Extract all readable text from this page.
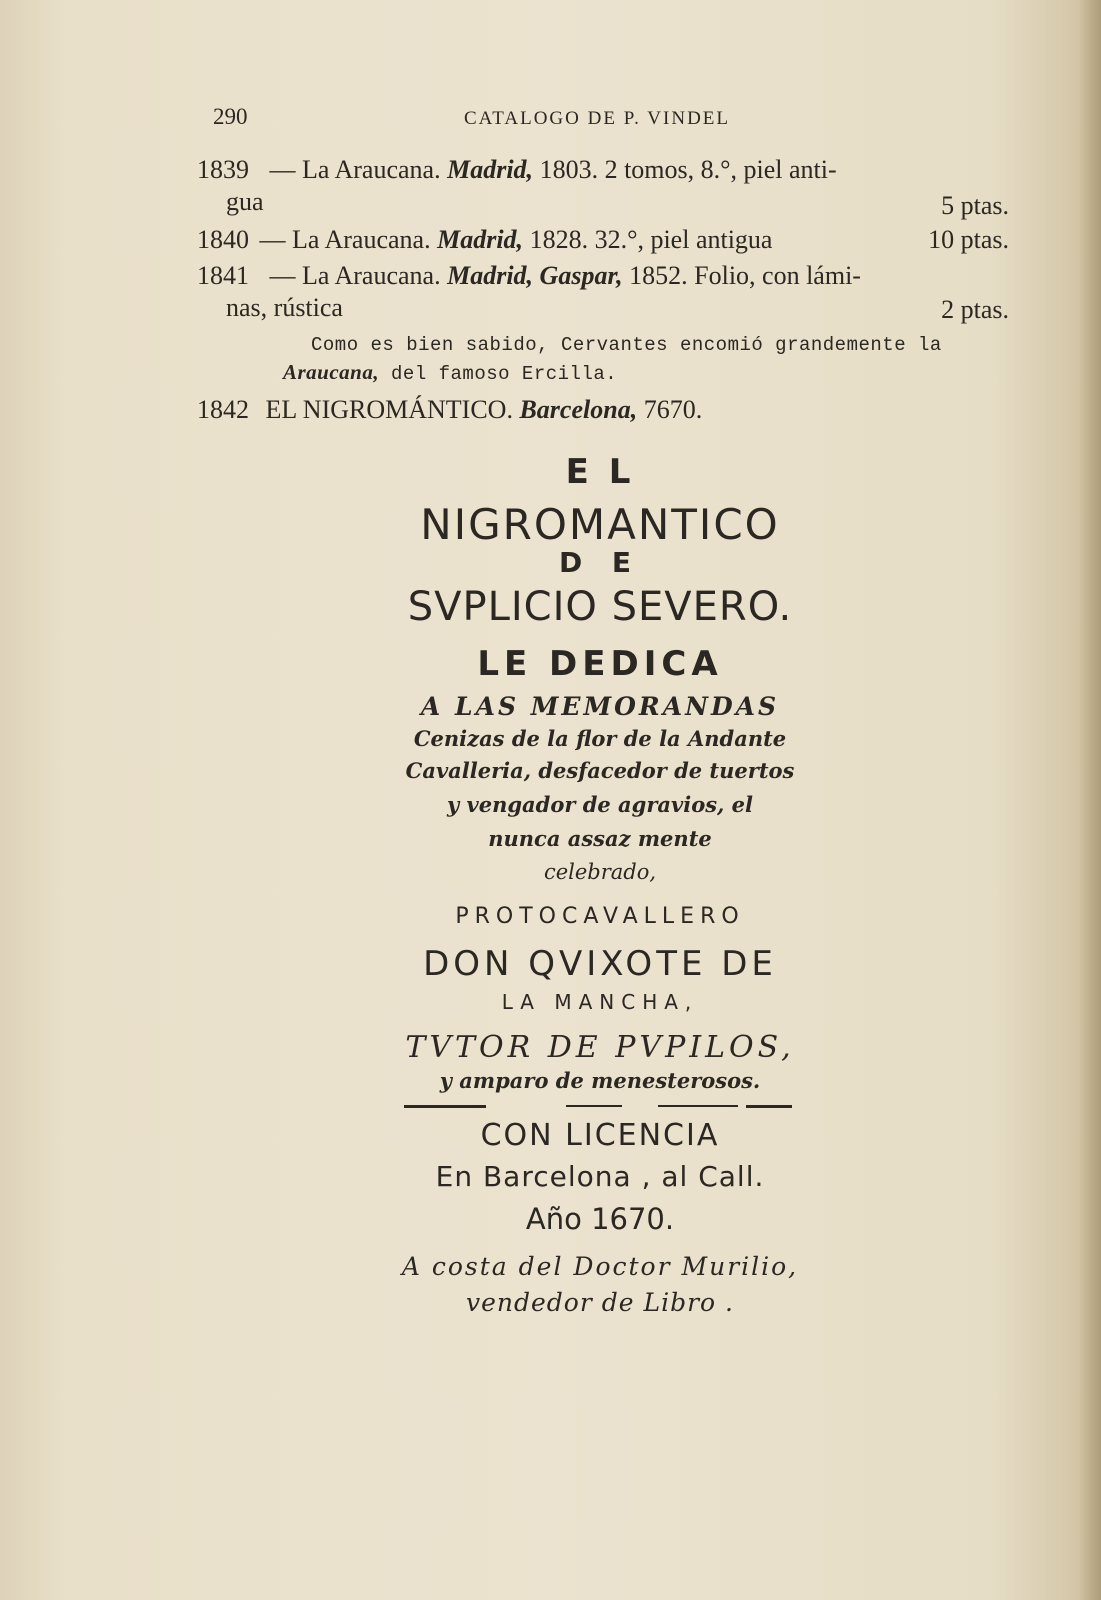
290	CATALOGO DE P. VINDEL
1839 — La Araucana. Madrid, 1803. 2 tomos, 8.°, piel anti-
gua	5 ptas.
1840 — La Araucana. Madrid, 1828. 32.°, piel antigua	10 ptas.
1841 — La Araucana. Madrid, Gaspar, 1852. Folio, con lámi-
nas, rústica	2 ptas.
Como es bien sabido, Cervantes encomió grandemente la
Araucana, del famoso Ercilla.
1842 EL NIGROMÁNTICO. Barcelona, 7670.
E L
NIGROMANTICO
D E
SVPLICIO SEVERO.
LE DEDICA
A LAS MEMORANDAS
Cenizas de la flor de la Andante
Cavalleria, desfacedor de tuertos
y vengador de agravios, el
nunca assaz mente
celebrado,
PROTOCAVALLERO
DON QVIXOTE DE
LA MANCHA,
TVTOR DE PVPILOS,
y amparo de menesterosos.
CON LICENCIA
En Barcelona , al Call.
Año 1670.
A costa del Doctor Murilio,
vendedor de Libro .
